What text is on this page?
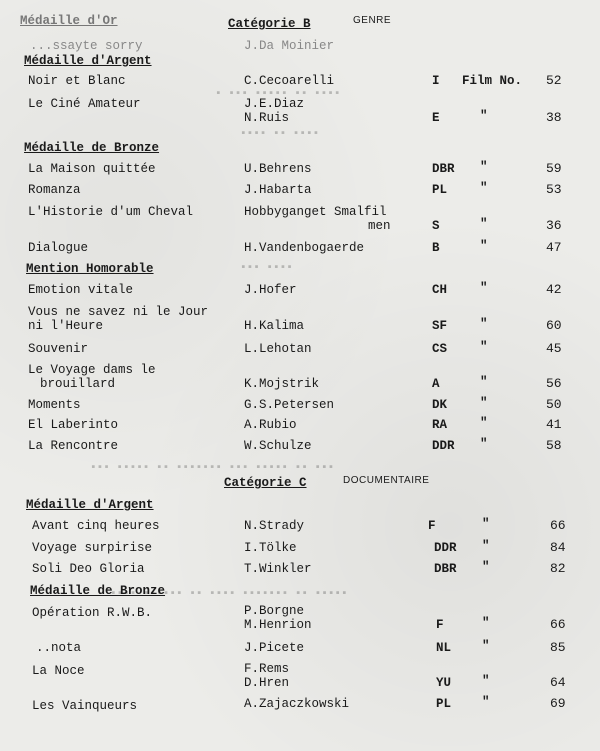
▪ ▪▪▪ ▪▪▪▪▪ ▪▪ ▪▪▪▪
▪▪▪▪ ▪▪ ▪▪▪▪
▪▪▪ ▪▪▪▪
▪▪▪ ▪▪▪▪▪ ▪▪ ▪▪▪▪▪▪▪ ▪▪▪ ▪▪▪▪▪ ▪▪ ▪▪▪
▪▪▪▪ ▪▪▪▪▪▪ ▪▪ ▪▪▪▪ ▪▪▪▪▪▪▪ ▪▪ ▪▪▪▪▪
Médaille d'Or
...ssayte sorry	J.Da Moinier
Catégorie B	GENRE
Médaille d'Argent
Noir et Blanc	C.Cecoarelli	I Film No. 52
Le Ciné Amateur	J.E.Diaz
N.Ruis	E	"	38
Médaille de Bronze
La Maison quittée	U.Behrens	DBR "	59
Romanza	J.Habarta	PL	"	53
L'Historie d'um Cheval	Hobbyganget Smalfil
men	S	"	36
Dialogue	H.Vandenbogaerde	B	"	47
Mention Homorable
Emotion vitale	J.Hofer	CH	"	42
Vous ne savez ni le Jour
ni l'Heure	H.Kalima	SF	"	60
Souvenir	L.Lehotan	CS	"	45
Le Voyage dams le
brouillard	K.Mojstrik	A	"	56
Moments	G.S.Petersen	DK	"	50
El Laberinto	A.Rubio	RA	"	41
La Rencontre	W.Schulze	DDR "	58
Catégorie C	DOCUMENTAIRE
Médaille d'Argent
Avant cinq heures	N.Strady	F	"	66
Voyage surpirise	I.Tölke	DDR "	84
Soli Deo Gloria	T.Winkler	DBR "	82
Médaille de Bronze
Opération R.W.B.	P.Borgne
M.Henrion	F	"	66
..nota	J.Picete	NL "	85
La Noce	F.Rems
D.Hren	YU "	64
Les Vainqueurs	A.Zajaczkowski	PL "	69
